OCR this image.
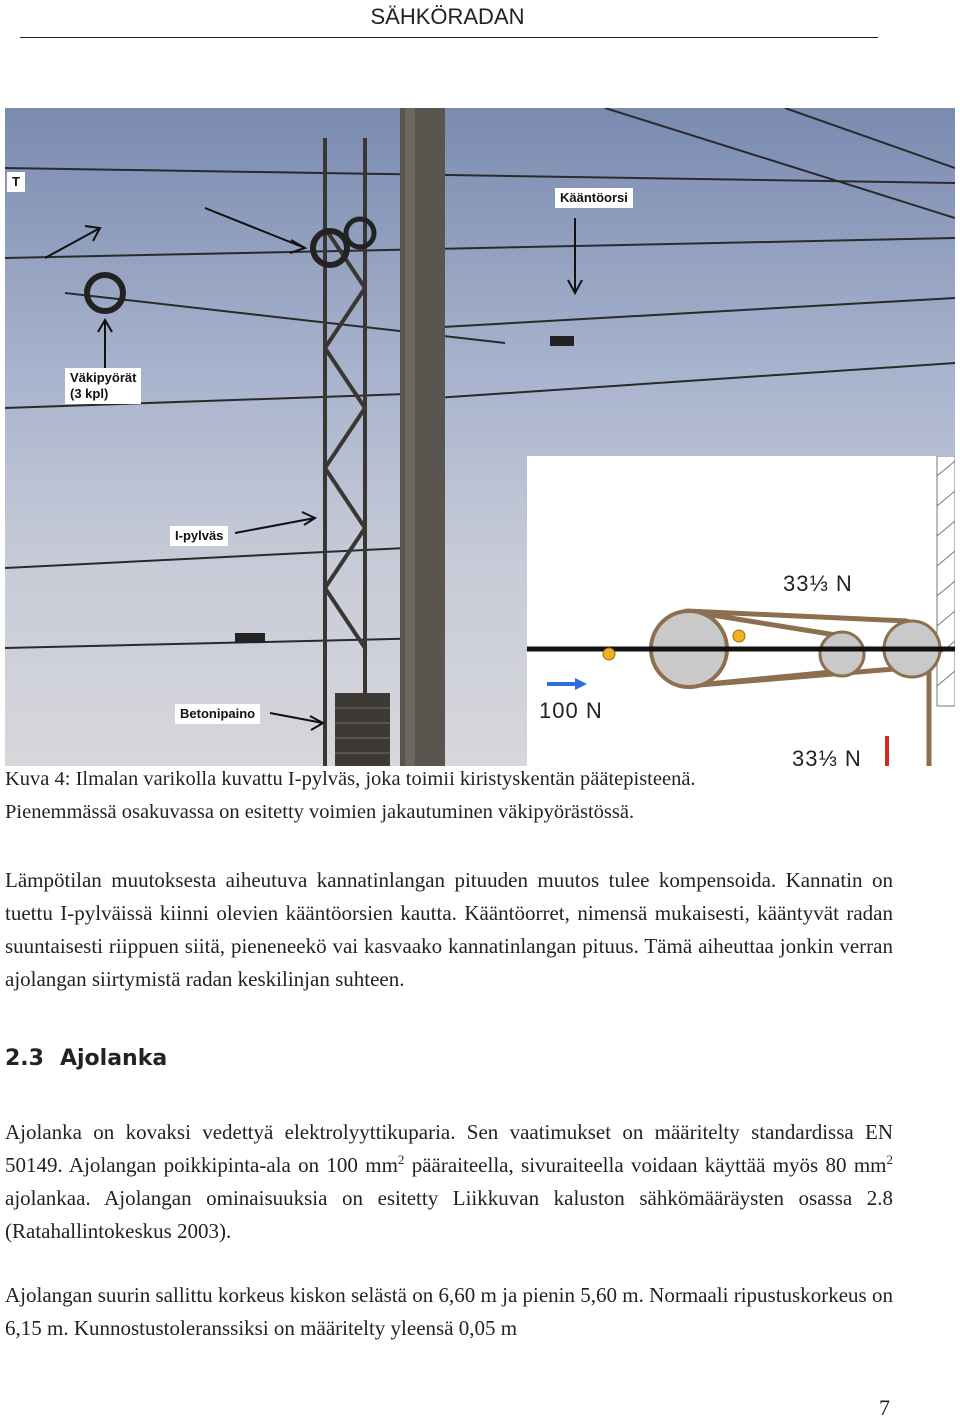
SÄHKÖRADAN
T
Kääntöorsi
Väkipyörät
(3 kpl)
I-pylväs
Betonipaino
33⅓ N
100 N
33⅓ N
Kuva 4: Ilmalan varikolla kuvattu I-pylväs, joka toimii kiristyskentän päätepisteenä.
Pienemmässä osakuvassa on esitetty voimien jakautuminen väkipyörästössä.
Lämpötilan muutoksesta aiheutuva kannatinlangan pituuden muutos tulee kompensoida. Kannatin on tuettu I-pylväissä kiinni olevien kääntöorsien kautta. Kääntöorret, nimensä mukaisesti, kääntyvät radan suuntaisesti riippuen siitä, pieneneekö vai kasvaako kannatinlangan pituus. Tämä aiheuttaa jonkin verran ajolangan siirtymistä radan keskilinjan suhteen.
2.3 Ajolanka
Ajolanka on kovaksi vedettyä elektrolyyttikuparia. Sen vaatimukset on määritelty standardissa EN 50149. Ajolangan poikkipinta-ala on 100 $mm^2$ pääraiteella, sivuraiteella voidaan käyttää myös 80 $mm^2$ ajolankaa. Ajolangan ominaisuuksia on esitetty Liikkuvan kaluston sähkömääräysten osassa 2.8 (Ratahallintokeskus 2003).
Ajolangan suurin sallittu korkeus kiskon selästä on 6,60 m ja pienin 5,60 m. Normaali ripustuskorkeus on 6,15 m. Kunnostustoleranssiksi on määritelty yleensä 0,05 m
7
